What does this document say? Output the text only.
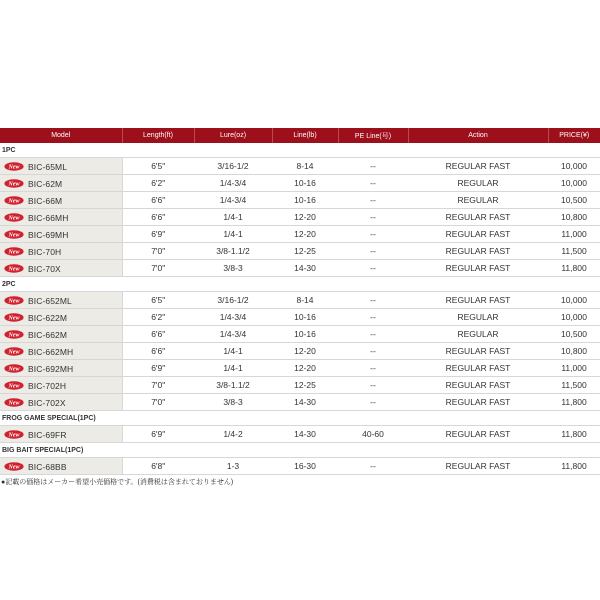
Model	Length(ft)	Lure(oz)	Line(lb)	PE Line(号)	Action	PRICE(¥)
1PC						

New BIC-65ML	6'5"	3/16-1/2	8-14	--	REGULAR FAST	10,000

New BIC-62M	6'2"	1/4-3/4	10-16	--	REGULAR	10,000

New BIC-66M	6'6"	1/4-3/4	10-16	--	REGULAR	10,500

New BIC-66MH	6'6"	1/4-1	12-20	--	REGULAR FAST	10,800

New BIC-69MH	6'9"	1/4-1	12-20	--	REGULAR FAST	11,000

New BIC-70H	7'0"	3/8-1.1/2	12-25	--	REGULAR FAST	11,500

New BIC-70X	7'0"	3/8-3	14-30	--	REGULAR FAST	11,800
2PC						

New BIC-652ML	6'5"	3/16-1/2	8-14	--	REGULAR FAST	10,000

New BIC-622M	6'2"	1/4-3/4	10-16	--	REGULAR	10,000

New BIC-662M	6'6"	1/4-3/4	10-16	--	REGULAR	10,500

New BIC-662MH	6'6"	1/4-1	12-20	--	REGULAR FAST	10,800

New BIC-692MH	6'9"	1/4-1	12-20	--	REGULAR FAST	11,000

New BIC-702H	7'0"	3/8-1.1/2	12-25	--	REGULAR FAST	11,500

New BIC-702X	7'0"	3/8-3	14-30	--	REGULAR FAST	11,800
FROG GAME SPECIAL(1PC)						

New BIC-69FR	6'9"	1/4-2	14-30	40-60	REGULAR FAST	11,800
BIG BAIT SPECIAL(1PC)						

New BIC-68BB	6'8"	1-3	16-30	--	REGULAR FAST	11,800
●記載の価格はメーカー希望小売価格です。(消費税は含まれておりません)
